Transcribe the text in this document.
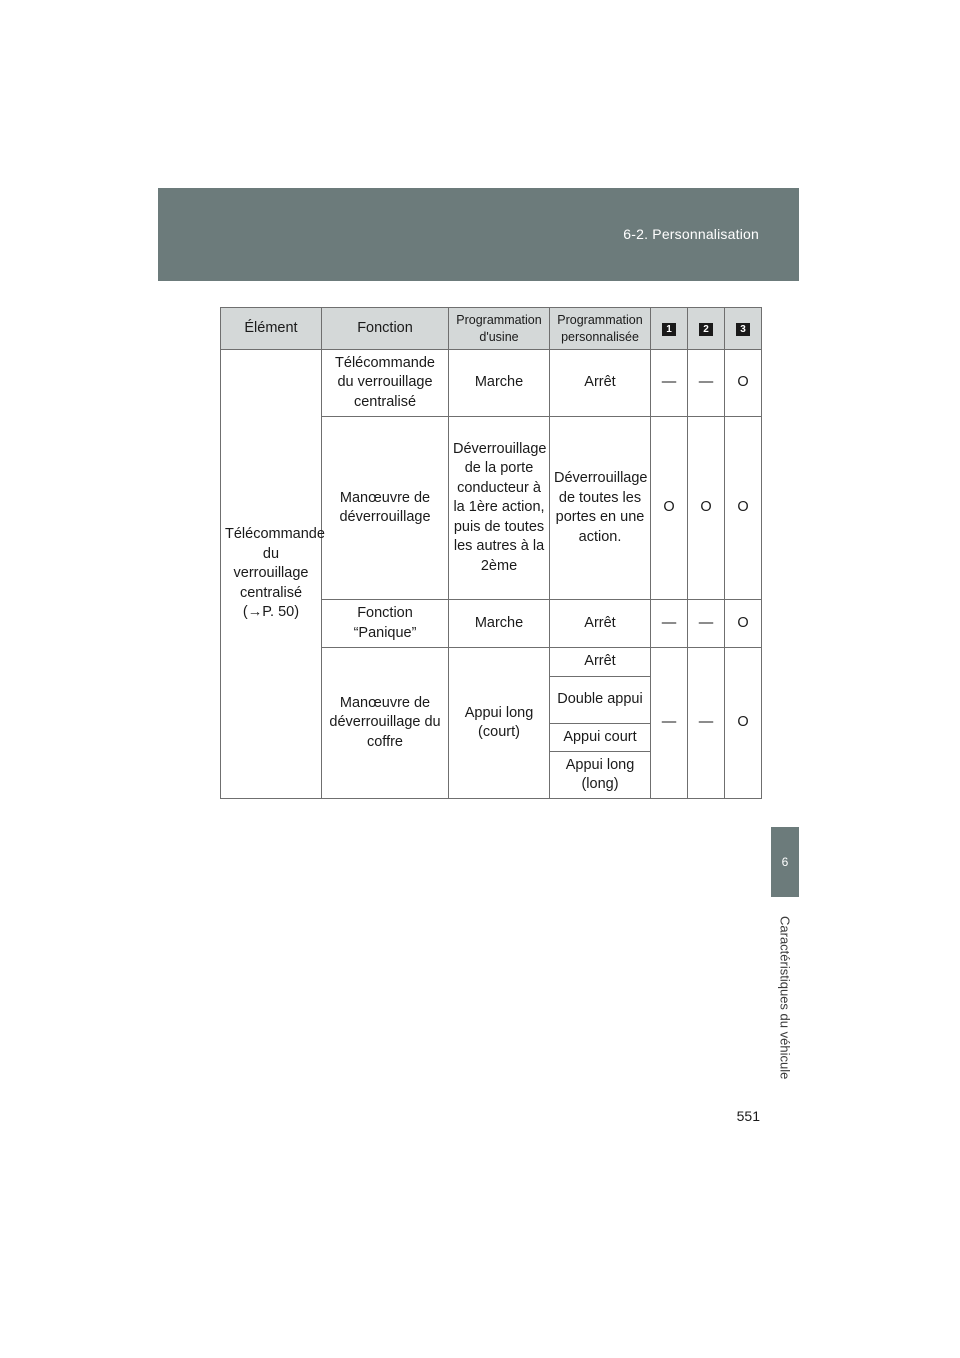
6-2. Personnalisation
Élément	Fonction	Programmation d'usine	Programmation personnalisée	1	2	3
Télécommande du verrouillage centralisé (→P. 50)	Télécommande du verrouillage centralisé	Marche	Arrêt	—	—	O
	Manœuvre de déverrouillage	Déverrouillage de la porte conducteur à la 1ère action, puis de toutes les autres à la 2ème	Déverrouillage de toutes les portes en une action.	O	O	O
	Fonction “Panique”	Marche	Arrêt	—	—	O
	Manœuvre de déverrouillage du coffre	Appui long (court)	Arrêt	—	—	O
			Double appui			
			Appui court			
			Appui long (long)			
6
Caractéristiques du véhicule
551
